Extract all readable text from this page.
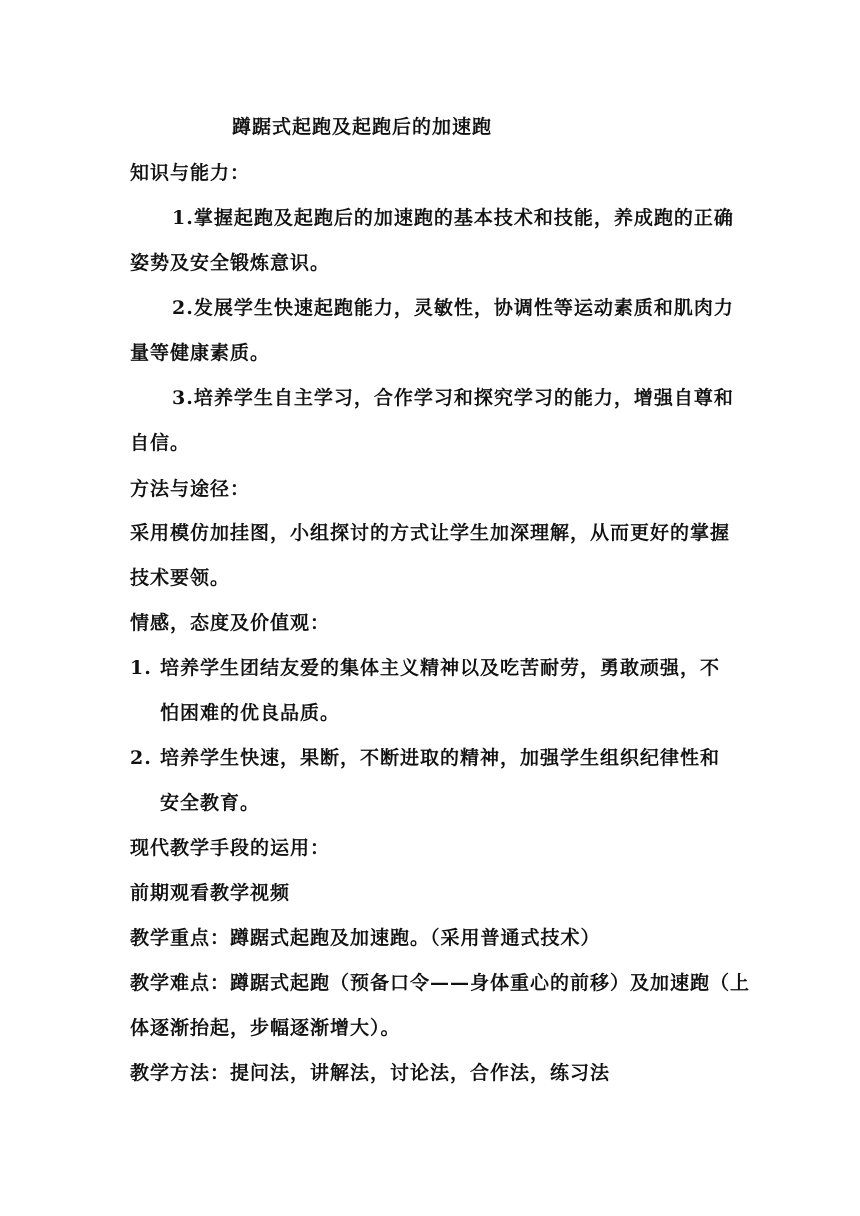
蹲踞式起跑及起跑后的加速跑
知识与能力：
1.掌握起跑及起跑后的加速跑的基本技术和技能，养成跑的正确
姿势及安全锻炼意识。
2.发展学生快速起跑能力，灵敏性，协调性等运动素质和肌肉力
量等健康素质。
3.培养学生自主学习，合作学习和探究学习的能力，增强自尊和
自信。
方法与途径：
采用模仿加挂图，小组探讨的方式让学生加深理解，从而更好的掌握
技术要领。
情感，态度及价值观：
1. 培养学生团结友爱的集体主义精神以及吃苦耐劳，勇敢顽强，不
怕困难的优良品质。
2. 培养学生快速，果断，不断进取的精神，加强学生组织纪律性和
安全教育。
现代教学手段的运用：
前期观看教学视频
教学重点：蹲踞式起跑及加速跑。（采用普通式技术）
教学难点：蹲踞式起跑（预备口令——身体重心的前移）及加速跑（上
体逐渐抬起，步幅逐渐增大）。
教学方法：提问法，讲解法，讨论法，合作法，练习法
